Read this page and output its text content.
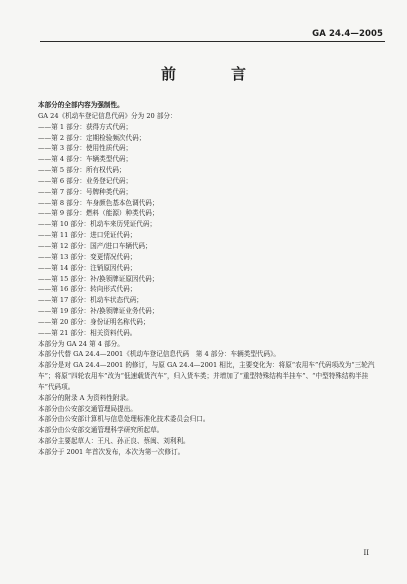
GA 24.4—2005

前　言

本部分的全部内容为强制性。

GA 24《机动车登记信息代码》分为 20 部分：

——第 1 部分：获得方式代码；

——第 2 部分：定期检验频次代码；

——第 3 部分：使用性质代码；

——第 4 部分：车辆类型代码；

——第 5 部分：所有权代码；

——第 6 部分：业务登记代码；

——第 7 部分：号牌种类代码；

——第 8 部分：车身颜色基本色调代码；

——第 9 部分：燃料（能源）种类代码；

——第 10 部分：机动车来历凭证代码；

——第 11 部分：进口凭证代码；

——第 12 部分：国产/进口车辆代码；

——第 13 部分：变更情况代码；

——第 14 部分：注销原因代码；

——第 15 部分：补/换领牌证原因代码；

——第 16 部分：转向形式代码；

——第 17 部分：机动车状态代码；

——第 19 部分：补/换领牌证业务代码；

——第 20 部分：身份证明名称代码；

——第 21 部分：相关资料代码。

本部分为 GA 24 第 4 部分。

本部分代替 GA 24.4—2001《机动车登记信息代码　第 4 部分：车辆类型代码》。

本部分是对 GA 24.4—2001 的修订，与原 GA 24.4—2001 相比，主要变化为：将原“农用车”代码项改为“三轮汽车”；将原“四轮农用车”改为“低速载货汽车”，归入货车类；并增加了“重型特殊结构半挂车”、“中型特殊结构半挂车”代码项。

本部分的附录 A 为资料性附录。

本部分由公安部交通管理局提出。

本部分由公安部计算机与信息处理标准化技术委员会归口。

本部分由公安部交通管理科学研究所起草。

本部分主要起草人：王凡、孙正良、蔡闽、刘利利。

本部分于 2001 年首次发布，本次为第一次修订。

II
